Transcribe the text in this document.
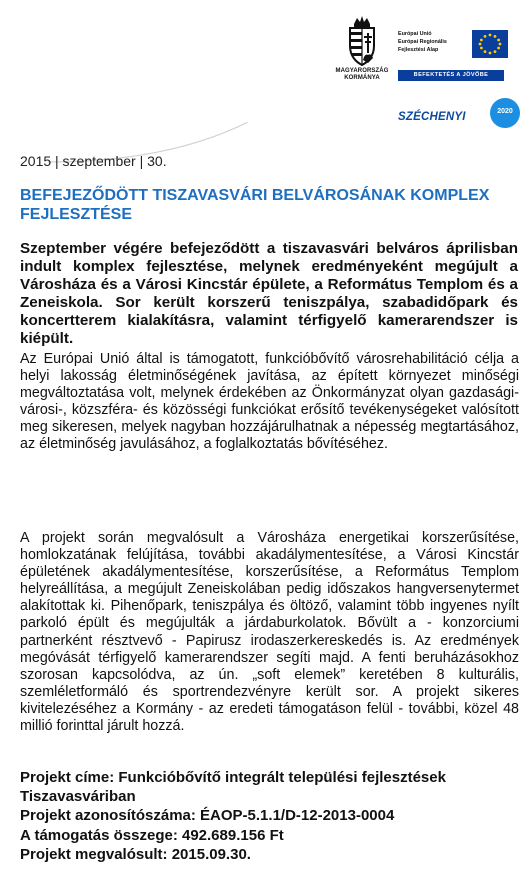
MAGYARORSZÁG
KORMÁNYA
Európai Unió
Európai Regionális
Fejlesztési Alap
BEFEKTETÉS A JÖVŐBE
SZÉCHENYI	2020
2015 | szeptember | 30.
BEFEJEZŐDÖTT TISZAVASVÁRI BELVÁROSÁNAK KOMPLEX FEJLESZTÉSE

Szeptember végére befejeződött a tiszavasvári belváros áprilisban indult komplex fejlesztése, melynek eredményeként megújult a Városháza és a Városi Kincstár épülete, a Református Templom és a Zeneiskola. Sor került korszerű teniszpálya, szabadidőpark és koncertterem kialakításra, valamint térfigyelő kamerarendszer is kiépült.

Az Európai Unió által is támogatott, funkcióbővítő városrehabilitáció célja a helyi lakosság életminőségének javítása, az épített környezet minőségi megváltoztatása volt, melynek érdekében az Önkormányzat olyan gazdasági- városi-, közszféra- és közösségi funkciókat erősítő tevékenységeket valósított meg sikeresen, melyek nagyban hozzájárulhatnak a népesség megtartásához, az életminőség javulásához, a foglalkoztatás bővítéséhez.

A projekt során megvalósult a Városháza energetikai korszerűsítése, homlokzatának felújítása, további akadálymentesítése, a Városi Kincstár épületének akadálymentesítése, korszerűsítése, a Református Templom helyreállítása, a megújult Zeneiskolában pedig időszakos hangversenytermet alakítottak ki. Pihenőpark, teniszpálya és öltöző, valamint több ingyenes nyílt parkoló épült és megújulták a járdaburkolatok. Bővült a - konzorciumi partnerként résztvevő - Papirusz irodaszerkereskedés is. Az eredmények megóvását térfigyelő kamerarendszer segíti majd. A fenti beruházásokhoz szorosan kapcsolódva, az ún. „soft elemek” keretében 8 kulturális, szemléletformáló és sportrendezvényre került sor. A projekt sikeres kivitelezéséhez a Kormány - az eredeti támogatáson felül - további, közel 48 millió forinttal járult hozzá.

Projekt címe: Funkcióbővítő integrált települési fejlesztések
Tiszavasváriban
Projekt azonosítószáma: ÉAOP-5.1.1/D-12-2013-0004
A támogatás összege: 492.689.156 Ft
Projekt megvalósult: 2015.09.30.
